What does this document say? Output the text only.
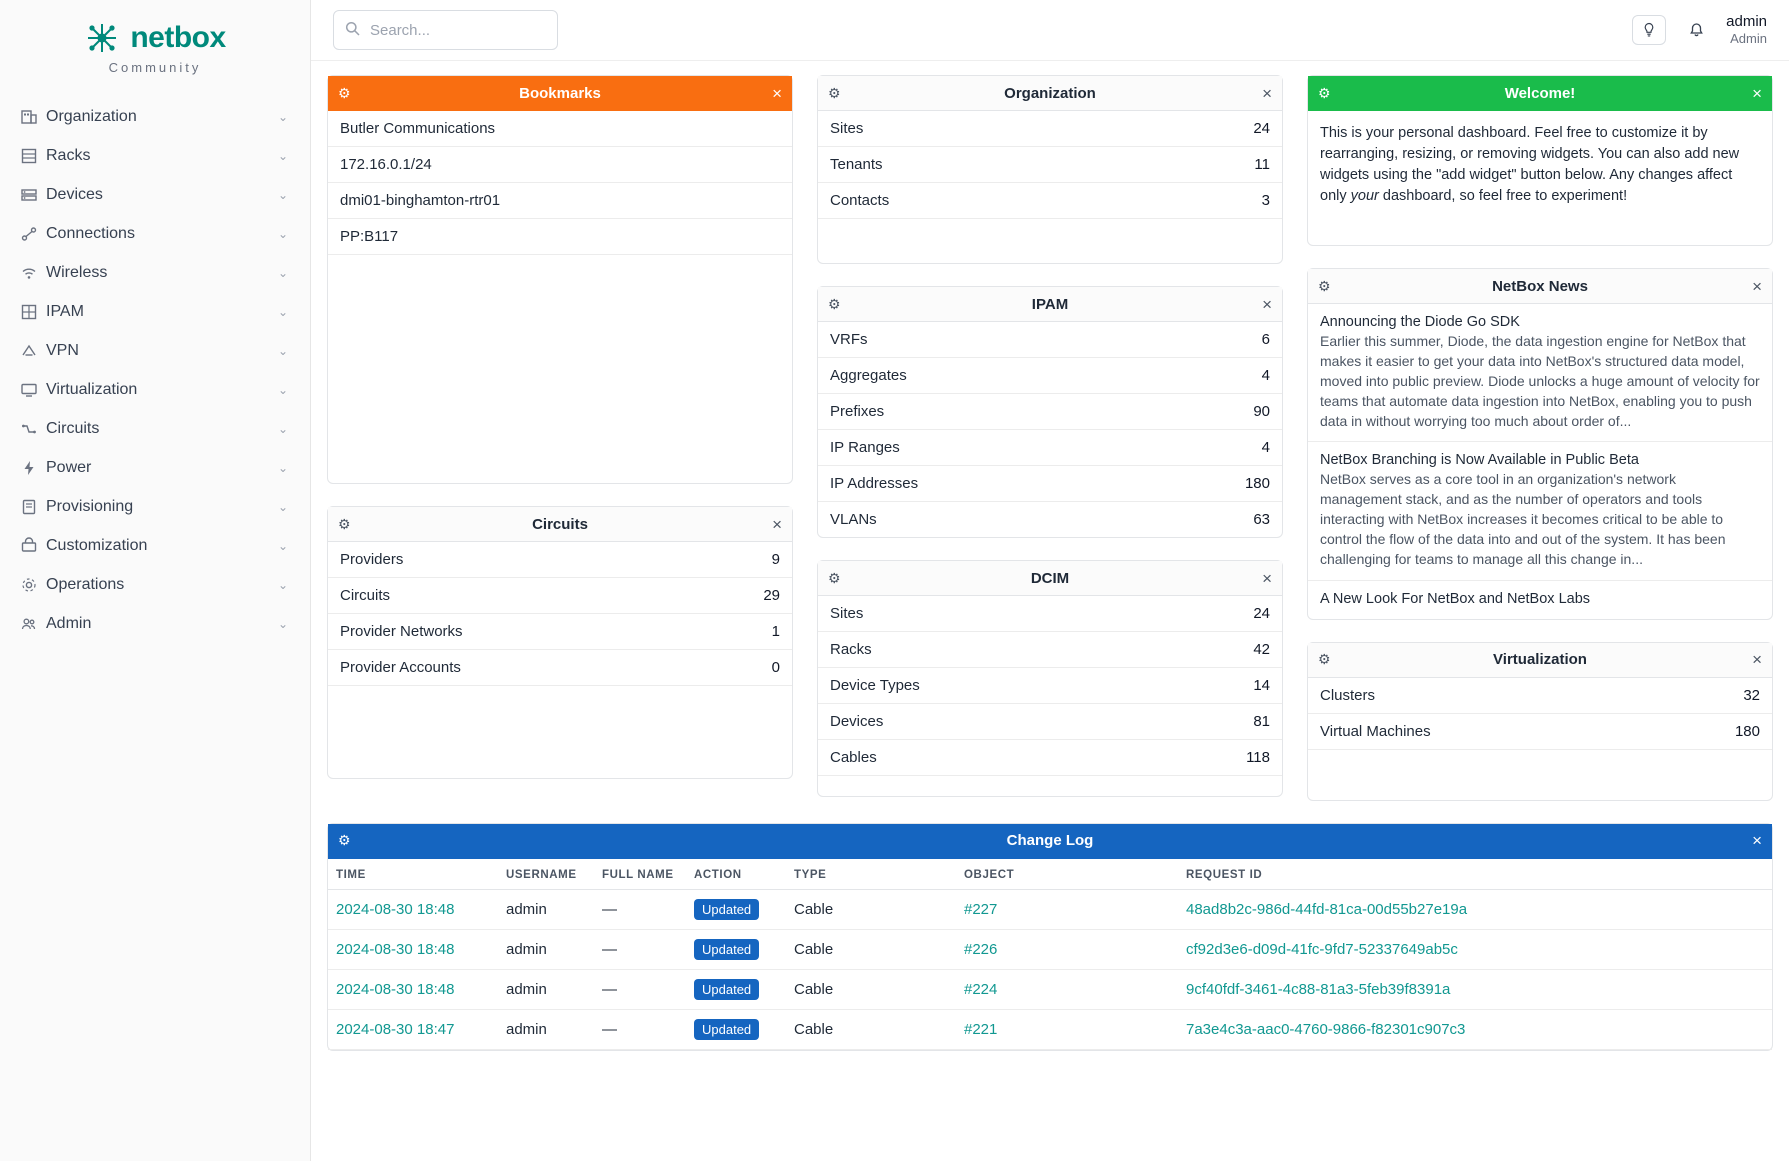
netbox
Community
Organization	⌄
Racks	⌄
Devices	⌄
Connections	⌄
Wireless	⌄
IPAM	⌄
VPN	⌄
Virtualization	⌄
Circuits	⌄
Power	⌄
Provisioning	⌄
Customization	⌄
Operations	⌄
Admin	⌄
Search...
admin
Admin
⚙	Bookmarks	×
Butler Communications
172.16.0.1/24
dmi01-binghamton-rtr01
PP:B117
⚙	Circuits	×
Providers	9
Circuits	29
Provider Networks	1
Provider Accounts	0
⚙	Organization	×
Sites	24
Tenants	11
Contacts	3
⚙	IPAM	×
VRFs	6
Aggregates	4
Prefixes	90
IP Ranges	4
IP Addresses	180
VLANs	63
⚙	DCIM	×
Sites	24
Racks	42
Device Types	14
Devices	81
Cables	118
⚙	Welcome!	×
This is your personal dashboard. Feel free to customize it by rearranging, resizing, or removing widgets. You can also add new widgets using the "add widget" button below. Any changes affect only your dashboard, so feel free to experiment!
⚙	NetBox News	×
Announcing the Diode Go SDK
Earlier this summer, Diode, the data ingestion engine for NetBox that makes it easier to get your data into NetBox's structured data model, moved into public preview. Diode unlocks a huge amount of velocity for teams that automate data ingestion into NetBox, enabling you to push data in without worrying too much about order of...
NetBox Branching is Now Available in Public Beta
NetBox serves as a core tool in an organization's network management stack, and as the number of operators and tools interacting with NetBox increases it becomes critical to be able to control the flow of the data into and out of the system. It has been challenging for teams to manage all this change in...
A New Look For NetBox and NetBox Labs
⚙	Virtualization	×
Clusters	32
Virtual Machines	180
⚙	Change Log	×
TIME	USERNAME	FULL NAME	ACTION	TYPE	OBJECT	REQUEST ID
2024-08-30 18:48	admin	—	Updated	Cable	#227	48ad8b2c-986d-44fd-81ca-00d55b27e19a
2024-08-30 18:48	admin	—	Updated	Cable	#226	cf92d3e6-d09d-41fc-9fd7-52337649ab5c
2024-08-30 18:48	admin	—	Updated	Cable	#224	9cf40fdf-3461-4c88-81a3-5feb39f8391a
2024-08-30 18:47	admin	—	Updated	Cable	#221	7a3e4c3a-aac0-4760-9866-f82301c907c3
